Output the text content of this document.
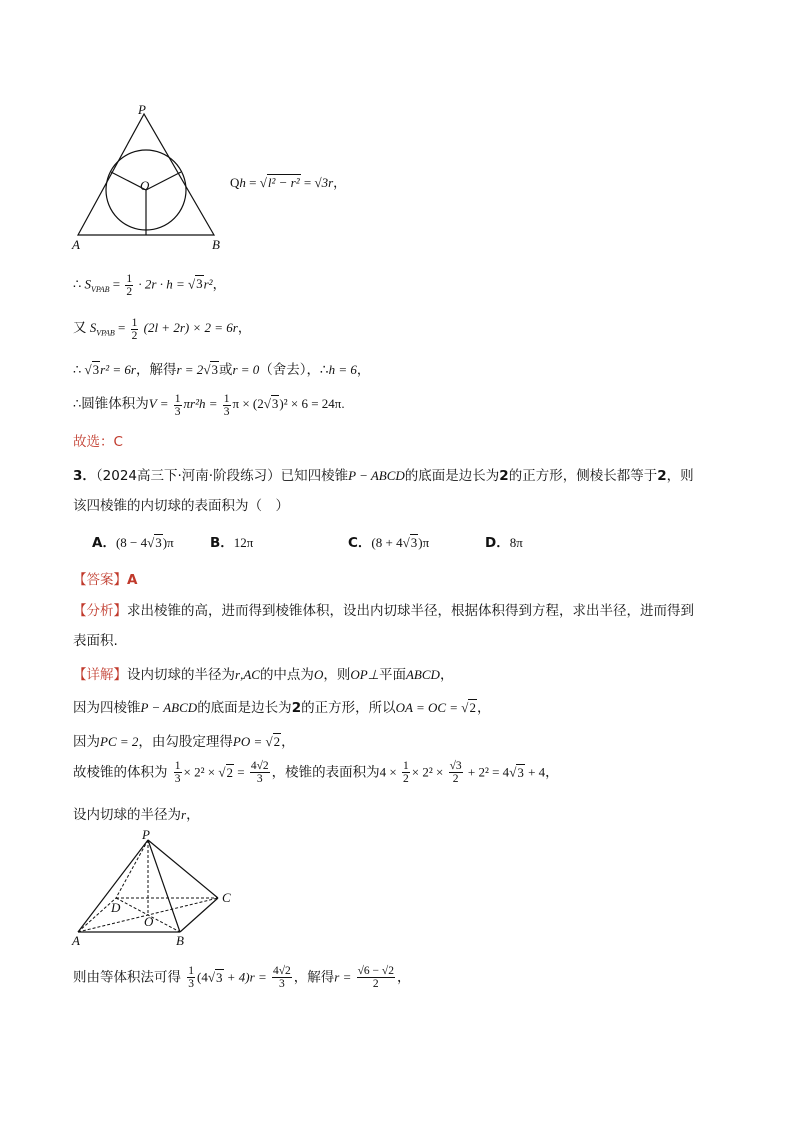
P
O
A	B
Qh = √l² − r² = √3r，
∴ $S_{VPAB} = \frac{1}{2} \cdot 2r \cdot h = √3r^2$，
又 $S_{VPAB} = \frac{1}{2} (2l + 2r) \times 2 = 6r$，
∴ √3r² = 6r，解得r = 2√3或r = 0（舍去），∴h = 6，
∴圆锥体积为$V = \frac{1}{3} \pi r^2h = \frac{1}{3}$ π × (2√3)² × 6 = 24π.
故选：C
3．（2024高三下·河南·阶段练习）已知四棱锥P − ABCD的底面是边长为2的正方形，侧棱长都等于2，则
该四棱锥的内切球的表面积为（　）
A．(8 − 4√3)π	B．12π	C．(8 + 4√3)π	D．8π
【答案】A
【分析】求出棱锥的高，进而得到棱锥体积，设出内切球半径，根据体积得到方程，求出半径，进而得到
表面积.
【详解】设内切球的半径为r,AC的中点为O，则OP⊥平面ABCD，
因为四棱锥P − ABCD的底面是边长为2的正方形，所以OA = OC = √2，
因为PC = 2，由勾股定理得PO = √2，
故棱锥的体积为 $\frac{1}{3} \times 2^2 \times √2 = \frac{4√2}{3}$ ，棱锥的表面积为$4 \times \frac{1}{2} \times 2^2 \times \frac{√3}{2} + 2^2 = 4√3 + 4$，
设内切球的半径为r，
P
C
D
O
A	B
则由等体积法可得 $\frac{1}{3} (4√3 + 4)r = \frac{4√2}{3}$ ，解得$r = \frac{√6 - √2}{2}$ ，
